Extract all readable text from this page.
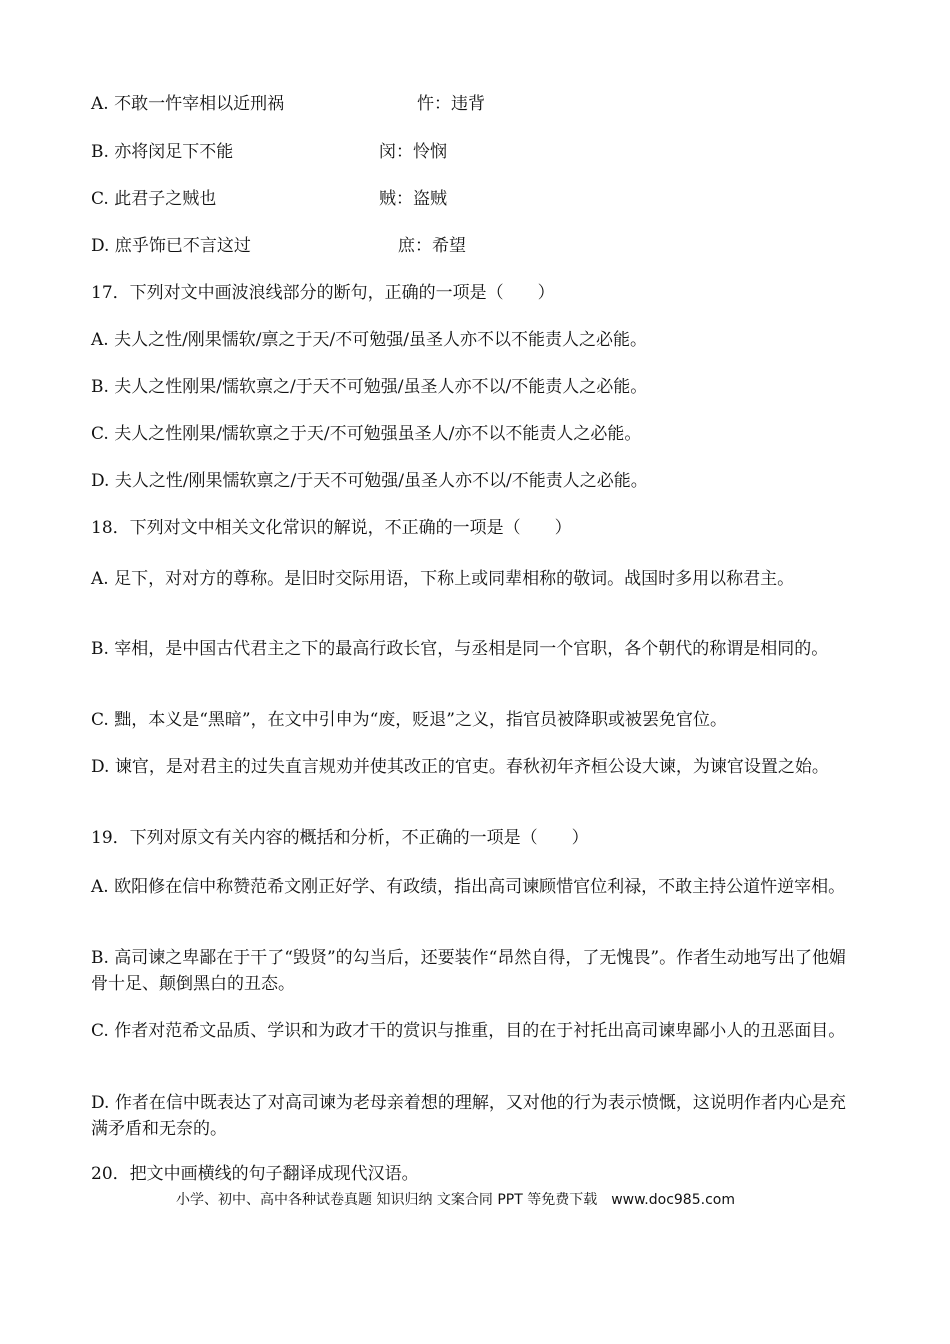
A. 不敢一忤宰相以近刑祸	忤：违背
B. 亦将闵足下不能	闵：怜悯
C. 此君子之贼也	贼：盗贼
D. 庶乎饰已不言这过	庶：希望
17．下列对文中画波浪线部分的断句，正确的一项是（　　）
A. 夫人之性/刚果懦软/禀之于天/不可勉强/虽圣人亦不以不能责人之必能。
B. 夫人之性刚果/懦软禀之/于天不可勉强/虽圣人亦不以/不能责人之必能。
C. 夫人之性刚果/懦软禀之于天/不可勉强虽圣人/亦不以不能责人之必能。
D. 夫人之性/刚果懦软禀之/于天不可勉强/虽圣人亦不以/不能责人之必能。
18．下列对文中相关文化常识的解说，不正确的一项是（　　）
A. 足下，对对方的尊称。是旧时交际用语，下称上或同辈相称的敬词。战国时多用以称君主。
B. 宰相，是中国古代君主之下的最高行政长官，与丞相是同一个官职，各个朝代的称谓是相同的。
C. 黜，本义是“黑暗”，在文中引申为“废，贬退”之义，指官员被降职或被罢免官位。
D. 谏官，是对君主的过失直言规劝并使其改正的官吏。春秋初年齐桓公设大谏，为谏官设置之始。
19．下列对原文有关内容的概括和分析，不正确的一项是（　　）
A. 欧阳修在信中称赞范希文刚正好学、有政绩，指出高司谏顾惜官位利禄，不敢主持公道忤逆宰相。
B. 高司谏之卑鄙在于干了“毁贤”的勾当后，还要装作“昂然自得，了无愧畏”。作者生动地写出了他媚骨十足、颠倒黑白的丑态。
C. 作者对范希文品质、学识和为政才干的赏识与推重，目的在于衬托出高司谏卑鄙小人的丑恶面目。
D. 作者在信中既表达了对高司谏为老母亲着想的理解，又对他的行为表示愤慨，这说明作者内心是充满矛盾和无奈的。
20．把文中画横线的句子翻译成现代汉语。
小学、初中、高中各种试卷真题 知识归纳 文案合同 PPT 等免费下载　www.doc985.com
